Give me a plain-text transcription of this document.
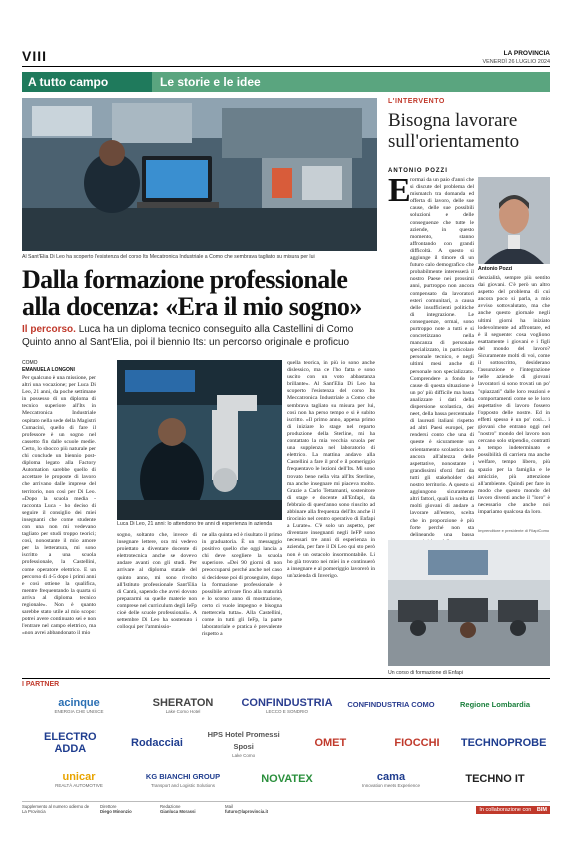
VIII	LA PROVINCIA
VENERDÌ 26 LUGLIO 2024
A tutto campo	Le storie e le idee
Al Sant'Elia Di Leo ha scoperto l'esistenza del corso Its Mecatronica Industriale a Como che sembrava tagliato su misura per lui
Dalla formazione professionale alla docenza: «Era il mio sogno»
Il percorso. Luca ha un diploma tecnico conseguito alla Castellini di Como Quinto anno al Sant'Elia, poi il biennio Its: un percorso originale e proficuo
COMO
EMANUELA LONGONI
Per qualcuno è una missione, per altri una vocazione; per Luca Di Leo, 21 anni, da poche settimane in possesso di un diploma di tecnico superiore all'Its in Meccatronica Industriale ospitato nella sede della Magistri Cumacini, quello di fare il professore è un sogno nel cassetto fin dalle scuole medie. Certo, lo sbocco più naturale per chi conclude un biennio post-diploma legato alla Factory Automation sarebbe quello di accettare le proposte di lavoro che arrivano dalle imprese del territorio, non così per Di Leo. «Dopo la scuola media - racconta Luca - ho deciso di seguire il consiglio dei miei insegnanti che come studente con una non mi vedevano tagliato per studi troppo teorici; così, nonostante il mio amore per la letteratura, mi sono iscritto a una scuola professionale, la Castellini, come operatore elettrico. E un percorso di 4-5 dopo i primi anni e così ottiene la qualifica, mentre frequentando la quarta si arriva al diploma tecnico regionale». Non è quanto sarebbe stato utile al mio scopo: potrei avere continuato sei e non l'entrare nel campo elettrico, ma «non avrei abbandonato il mio
Luca Di Leo, 21 anni: lo attendono tre anni di esperienza in azienda
sogno, soltanto che, invece di insegnare lettere, ora mi vedevo proiettato a diventare docente di elettrotecnica anche se dovevo andare avanti con gli studi. Per arrivare al diploma statale del quinto anno, mi sono rivolto all'Istituto professionale Sant'Elia di Cantù, sapendo che avrei dovuto prepararmi su quelle materie non comprese nel curriculum degli IeFp cioè delle scuole professionali». A settembre Di Leo ha sostenuto i colloqui per l'ammissio-
ne alla quinta ed è risultato il primo in graduatoria. È un messaggio positivo quello che oggi lancia a chi deve scegliere la scuola superiore. «Dei 90 giorni di non preoccuparsi perché anche nel caso si decidesse poi di proseguire, dopo la formazione professionale è possibile arrivare fino alla maturità e lo scorso anno di mostrazione, certo ci vuole impegno e bisogna mettercela tutta». Alla Castellini, come in tutti gli IeFp, la parte laboratoriale e pratica è prevalente rispetto a
quella teorica, in più io sono anche dislessico, ma ce l'ho fatta e sono uscito con un voto abbastanza brillante». Al Sant'Elia Di Leo ha scoperto l'esistenza del corso Its Meccatronica Industriale a Como che sembrava tagliato su misura per lui, così non ha perso tempo e si è subito iscritto. «Il primo anno, appena primo di iniziare lo stage nel reparto produzione della Sterline, mi ha contattato la mia vecchia scuola per una supplenza nel laboratorio di elettrico. La mattina andavo alla Castellini a fare il prof e il pomeriggio frequentavo le lezioni dell'Its. Mi sono trovato bene nella vita all'Its Sterline, ma anche insegnare mi piaceva molto. Grazie a Carlo Tettamanti, sostenitore di stage e docente all'Enfapi, da febbraio di quest'anno sono riuscito ad abbinare alla frequenza dell'Its anche il tirocinio nel centro operativo di Enfapi a Lurate». C'è solo un aspetto, per diventare insegnanti negli IeFP sono necessari tre anni di esperienza in azienda, per fare il Di Leo qui sto però non è un ostacolo insormontabile. Li ho già trovato nei miei in e continuerò a insegnare e al pomeriggio lavorerò in un'azienda di Inverigo.
L'INTERVENTO
Bisogna lavorare sull'orientamento
ANTONIO POZZI
E rormai da un paio d'anni che si discute del problema del mismatch tra domanda ed offerta di lavoro, delle sue cause, delle sue possibili soluzioni e delle conseguenze che tutte le aziende, in questo momento, stanno affrontando con grandi difficoltà. A questo si aggiunge il timore di un futuro calo demografico che probabilmente interesserà il nostro Paese nei prossimi anni, purtroppo non ancora compensato da lavoratori esteri comunitari, a causa delle insufficienti politiche di integrazione. Le conseguenze, ormai, sono purtroppo note a tutti e si concretizzano nella mancanza di personale specializzato, in particolare personale tecnico, e negli ultimi mesi anche di personale non specializzato. Comprendere a fondo le cause di questa situazione è un po' più difficile ma basta analizzare i dati della dispersione scolastica, dei neet, della bassa percentuale di laureati italiani rispetto ad altri Paesi europei, per rendersi conto che una di queste è sicuramente un orientamento scolastico non ancora all'altezza delle aspettative, nonostante i grandissimi sforzi fatti da tutti gli stakeholder del nostro territorio. A questo si aggiungono sicuramente altri fattori, quali la scelta di molti giovani di andare a lavorare all'estero, scelta che in proporzione è più forte perché non sta delineando una bassa
Antonio Pozzi
denzialità, sempre più sentito dai giovani. C'è però un altro aspetto del problema di cui ancora poco si parla, a mio avviso sottovalutato, ma che anche questo giornale negli ultimi giorni ha iniziato lodevolmente ad affrontare, ed è il seguente: cosa vogliono esattamente i giovani e i figli del mondo del lavoro? Sicuramente molti di voi, come il sottoscritto, desiderano l'assunzione e l'integrazione nelle aziende di giovani lavoratori si sono trovati un po' "spiazzati" dalle loro reazioni e comportamenti come se le loro aspettative di lavoro fossero l'opposto delle nostre. Ed in effetti spesso è un po' così... i giovani che entrano oggi nel "nostro" mondo del lavoro non cercano solo stipendio, contratti a tempo indeterminato e possibilità di carriera ma anche welfare, tempo libero, più spazio per la famiglia e le amicizie, più attenzione all'ambiente. Quindi per fare in modo che questo mondo del lavoro diventi anche il "loro" è necessario che anche noi impariamo qualcosa da loro.
Imprenditore e presidente di FilapiComo
Un corso di formazione di Enfapi
I PARTNER
acinque
ENERGIA CHE UNISCE
SHERATON
Lake Como Hotel
CONFINDUSTRIA
LECCO E SONDRIO
CONFINDUSTRIA COMO	Regione Lombardia
ELECTRO ADDA	Rodacciai
HPS Hotel Promessi Sposi
Lake Como
OMET	FIOCCHI TECHNOPROBE
unicar
REALTÀ AUTOMOTIVE
KG BIANCHI GROUP
Transport and Logistic Solutions	NOVATEX	cama
Innovation meets Experience	TECHNO IT
Supplemento al numero odierno de La Provincia
Direttore
Diego Minonzio
Redazione
Gianluca Morassi
Mail
futuro@laprovincia.it	In collaborazione con BIM
